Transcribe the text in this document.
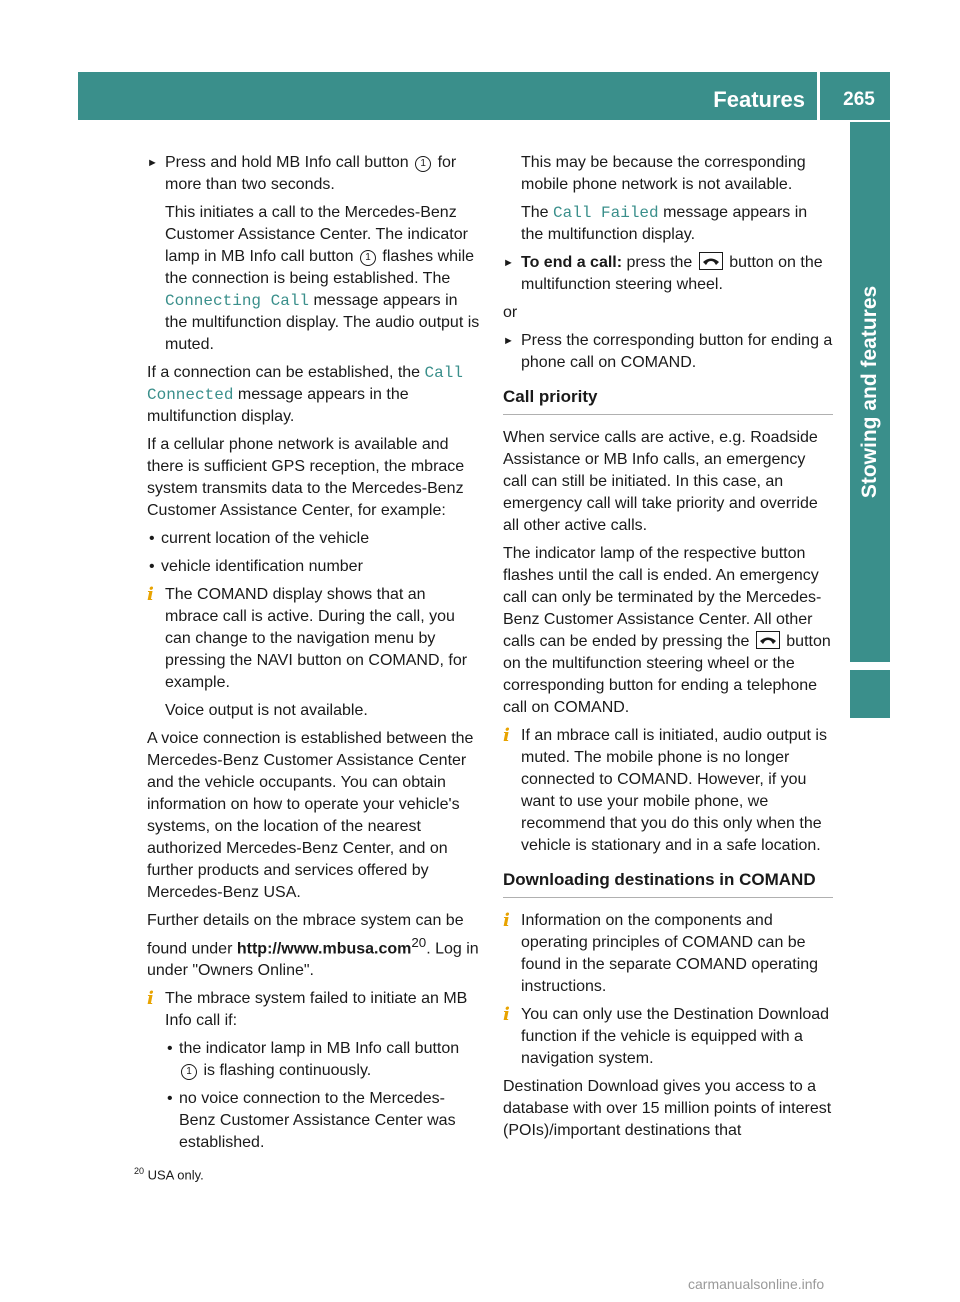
Features	265
Stowing and features
► Press and hold MB Info call button 1 for more than two seconds.
This initiates a call to the Mercedes-Benz Customer Assistance Center. The indicator lamp in MB Info call button 1 flashes while the connection is being established. The Connecting Call message appears in the multifunction display. The audio output is muted.

If a connection can be established, the Call Connected message appears in the multifunction display.

If a cellular phone network is available and there is sufficient GPS reception, the mbrace system transmits data to the Mercedes-Benz Customer Assistance Center, for example:

• current location of the vehicle
• vehicle identification number
i The COMAND display shows that an mbrace call is active. During the call, you can change to the navigation menu by pressing the NAVI button on COMAND, for example.

Voice output is not available.

A voice connection is established between the Mercedes-Benz Customer Assistance Center and the vehicle occupants. You can obtain information on how to operate your vehicle's systems, on the location of the nearest authorized Mercedes-Benz Center, and on further products and services offered by Mercedes-Benz USA.

Further details on the mbrace system can be found under http://www.mbusa.com$^{20}$. Log in under "Owners Online".

i The mbrace system failed to initiate an MB Info call if:

• the indicator lamp in MB Info call button 1 is flashing continuously.
• no voice connection to the Mercedes-Benz Customer Assistance Center was established.

This may be because the corresponding mobile phone network is not available.

The Call Failed message appears in the multifunction display.

► To end a call: press the
button on the multifunction steering wheel.

or

► Press the corresponding button for ending a phone call on COMAND.
Call priority

When service calls are active, e.g. Roadside Assistance or MB Info calls, an emergency call can still be initiated. In this case, an emergency call will take priority and override all other active calls.

The indicator lamp of the respective button flashes until the call is ended. An emergency call can only be terminated by the Mercedes-Benz Customer Assistance Center. All other calls can be ended by pressing the
button on the multifunction steering wheel or the corresponding button for ending a telephone call on COMAND.

i If an mbrace call is initiated, audio output is muted. The mobile phone is no longer connected to COMAND. However, if you want to use your mobile phone, we recommend that you do this only when the vehicle is stationary and in a safe location.

Downloading destinations in COMAND
i Information on the components and operating principles of COMAND can be found in the separate COMAND operating instructions.

i You can only use the Destination Download function if the vehicle is equipped with a navigation system.

Destination Download gives you access to a database with over 15 million points of interest (POIs)/important destinations that

$^{20}$ USA only.
carmanualsonline.info
